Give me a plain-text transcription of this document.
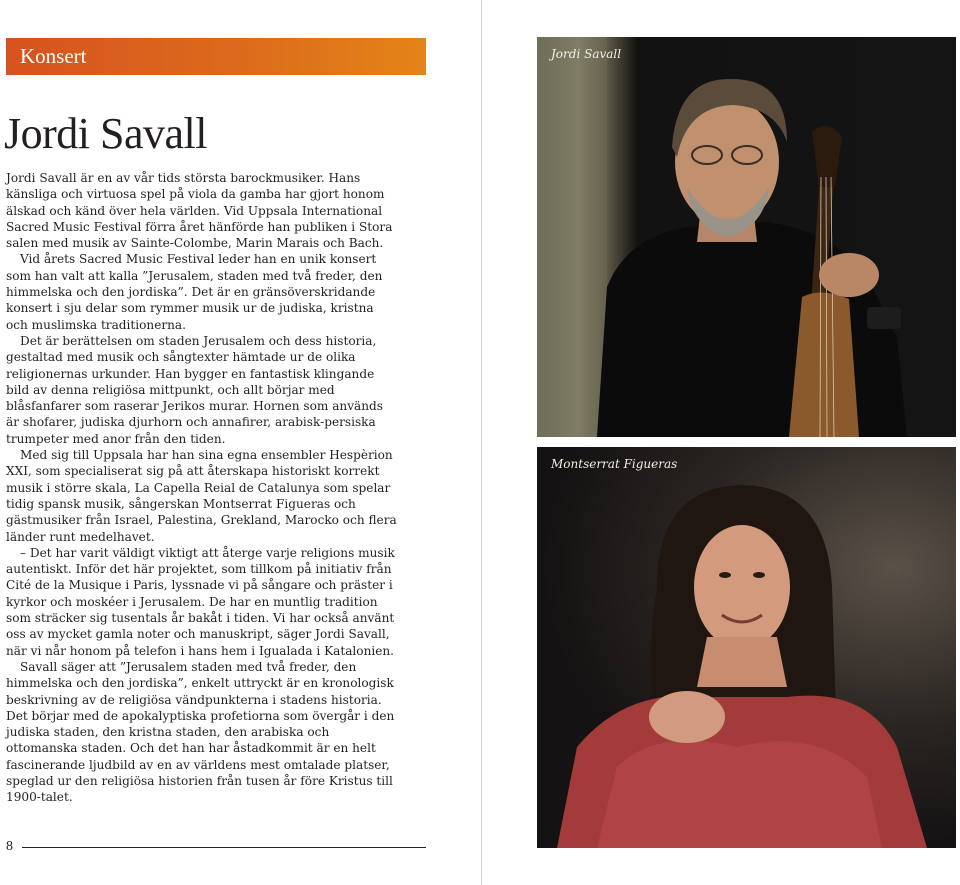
Konsert
Jordi Savall

Jordi Savall är en av vår tids största barockmusiker. Hans känsliga och virtuosa spel på viola da gamba har gjort honom älskad och känd över hela världen. Vid Uppsala International Sacred Music Festival förra året hänförde han publiken i Stora salen med musik av Sainte-Colombe, Marin Marais och Bach.

Vid årets Sacred Music Festival leder han en unik konsert som han valt att kalla ”Jerusalem, staden med två freder, den himmelska och den jordiska”. Det är en gränsöverskridande konsert i sju delar som rymmer musik ur de judiska, kristna och muslimska traditionerna.

Det är berättelsen om staden Jerusalem och dess historia, gestaltad med musik och sångtexter hämtade ur de olika religionernas urkunder. Han bygger en fantastisk klingande bild av denna religiösa mittpunkt, och allt börjar med blåsfanfarer som raserar Jerikos murar. Hornen som används är shofarer, judiska djurhorn och annafirer, arabisk-persiska trumpeter med anor från den tiden.

Med sig till Uppsala har han sina egna ensembler Hespèrion XXI, som specialiserat sig på att återskapa historiskt korrekt musik i större skala, La Capella Reial de Catalunya som spelar tidig spansk musik, sångerskan Montserrat Figueras och gästmusiker från Israel, Palestina, Grekland, Marocko och flera länder runt medelhavet.

– Det har varit väldigt viktigt att återge varje religions musik autentiskt. Inför det här projektet, som tillkom på initiativ från Cité de la Musique i Paris, lyssnade vi på sångare och präster i kyrkor och moskéer i Jerusalem. De har en muntlig tradition som sträcker sig tusentals år bakåt i tiden. Vi har också använt oss av mycket gamla noter och manuskript, säger Jordi Savall, när vi når honom på telefon i hans hem i Igualada i Katalonien.

Savall säger att ”Jerusalem staden med två freder, den himmelska och den jordiska”, enkelt uttryckt är en kronologisk beskrivning av de religiösa vändpunkterna i stadens historia. Det börjar med de apokalyptiska profetiorna som övergår i den judiska staden, den kristna staden, den arabiska och ottomanska staden. Och det han har åstadkommit är en helt fascinerande ljudbild av en av världens mest omtalade platser, speglad ur den religiösa historien från tusen år före Kristus till 1900-talet.

8
Jordi Savall
Montserrat Figueras
